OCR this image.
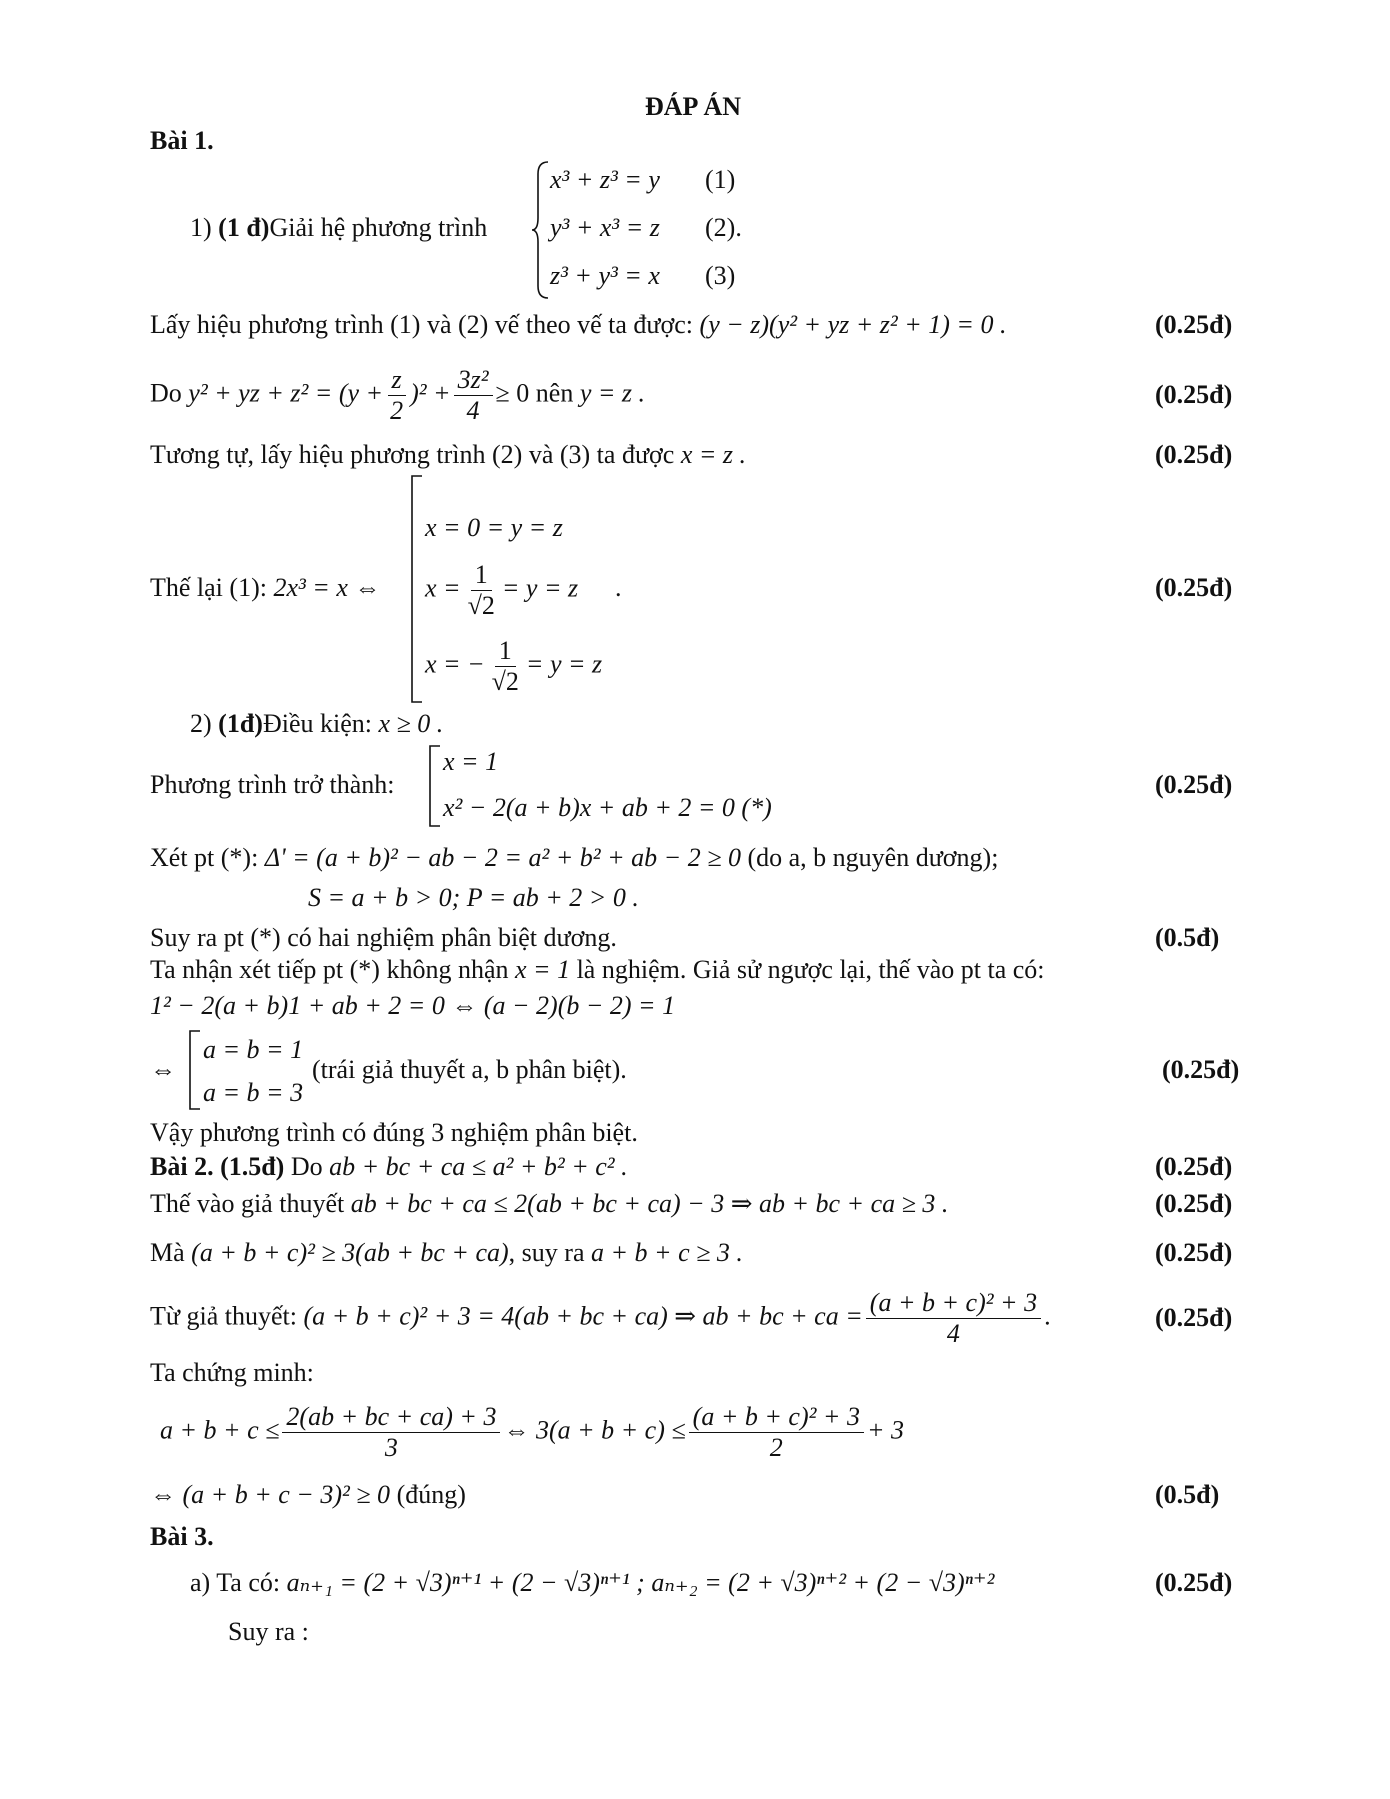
ĐÁP ÁN
Bài 1.
1) (1 đ)Giải hệ phương trình
x³ + z³ = y
y³ + x³ = z
z³ + y³ = x
(1)
(2).
(3)
Lấy hiệu phương trình (1) và (2) vế theo vế ta được: (y − z)(y² + yz + z² + 1) = 0 .	(0.25đ)
Do y² + yz + $z^2 = (y + \frac{z}{2} )^2 + \frac{\text{3z²}}{4} \ge 0$ nên y = z .	(0.25đ)
Tương tự, lấy hiệu phương trình (2) và (3) ta được x = z .	(0.25đ)
Thế lại (1): 2x³ = x ⇔
x = 0 = y = z
$x = \frac{1}{√2} = y = z$ .
x = − $\frac{1}{√2} = y = z$
(0.25đ)
2) (1đ)Điều kiện: x ≥ 0 .
Phương trình trở thành:
x = 1
x² − 2(a + b)x + ab + 2 = 0 (*)
(0.25đ)
Xét pt (*): Δ' = (a + b)² − ab − 2 = a² + b² + ab − 2 ≥ 0 (do a, b nguyên dương);
S = a + b > 0; P = ab + 2 > 0 .
Suy ra pt (*) có hai nghiệm phân biệt dương.	(0.5đ)
Ta nhận xét tiếp pt (*) không nhận x = 1 là nghiệm. Giả sử ngược lại, thế vào pt ta có:
1² − 2(a + b)1 + ab + 2 = 0 ⇔ (a − 2)(b − 2) = 1
⇔
a = b = 1
a = b = 3
(trái giả thuyết a, b phân biệt).	(0.25đ)
Vậy phương trình có đúng 3 nghiệm phân biệt.
Bài 2. (1.5đ) Do ab + bc + ca ≤ a² + b² + c² .	(0.25đ)
Thế vào giả thuyết ab + bc + ca ≤ 2(ab + bc + ca) − 3 ⇒ ab + bc + ca ≥ 3 .	(0.25đ)
Mà (a + b + c)² ≥ 3(ab + bc + ca), suy ra a + b + c ≥ 3 .	(0.25đ)
Từ giả thuyết: (a + b + c)² + 3 = 4(ab + bc + ca) ⇒ ab + bc + ca = $\frac{\text{(a + b + c)² + 3}}{4}$ .	(0.25đ)
Ta chứng minh:
$a + b + c \le \frac{2(ab + bc + ca) + 3}{3}$ ⇔ $3(a + b + c) \le \frac{\text{(a + b + c)² + 3}}{2} + 3$
⇔ (a + b + c − 3)² ≥ 0 (đúng)	(0.5đ)
Bài 3.
a) Ta có: aₙ₊₁ = (2 + √3)ⁿ⁺¹ + (2 − √3)ⁿ⁺¹ ; aₙ₊₂ = (2 + √3)ⁿ⁺² + (2 − √3)ⁿ⁺²	(0.25đ)
Suy ra :
